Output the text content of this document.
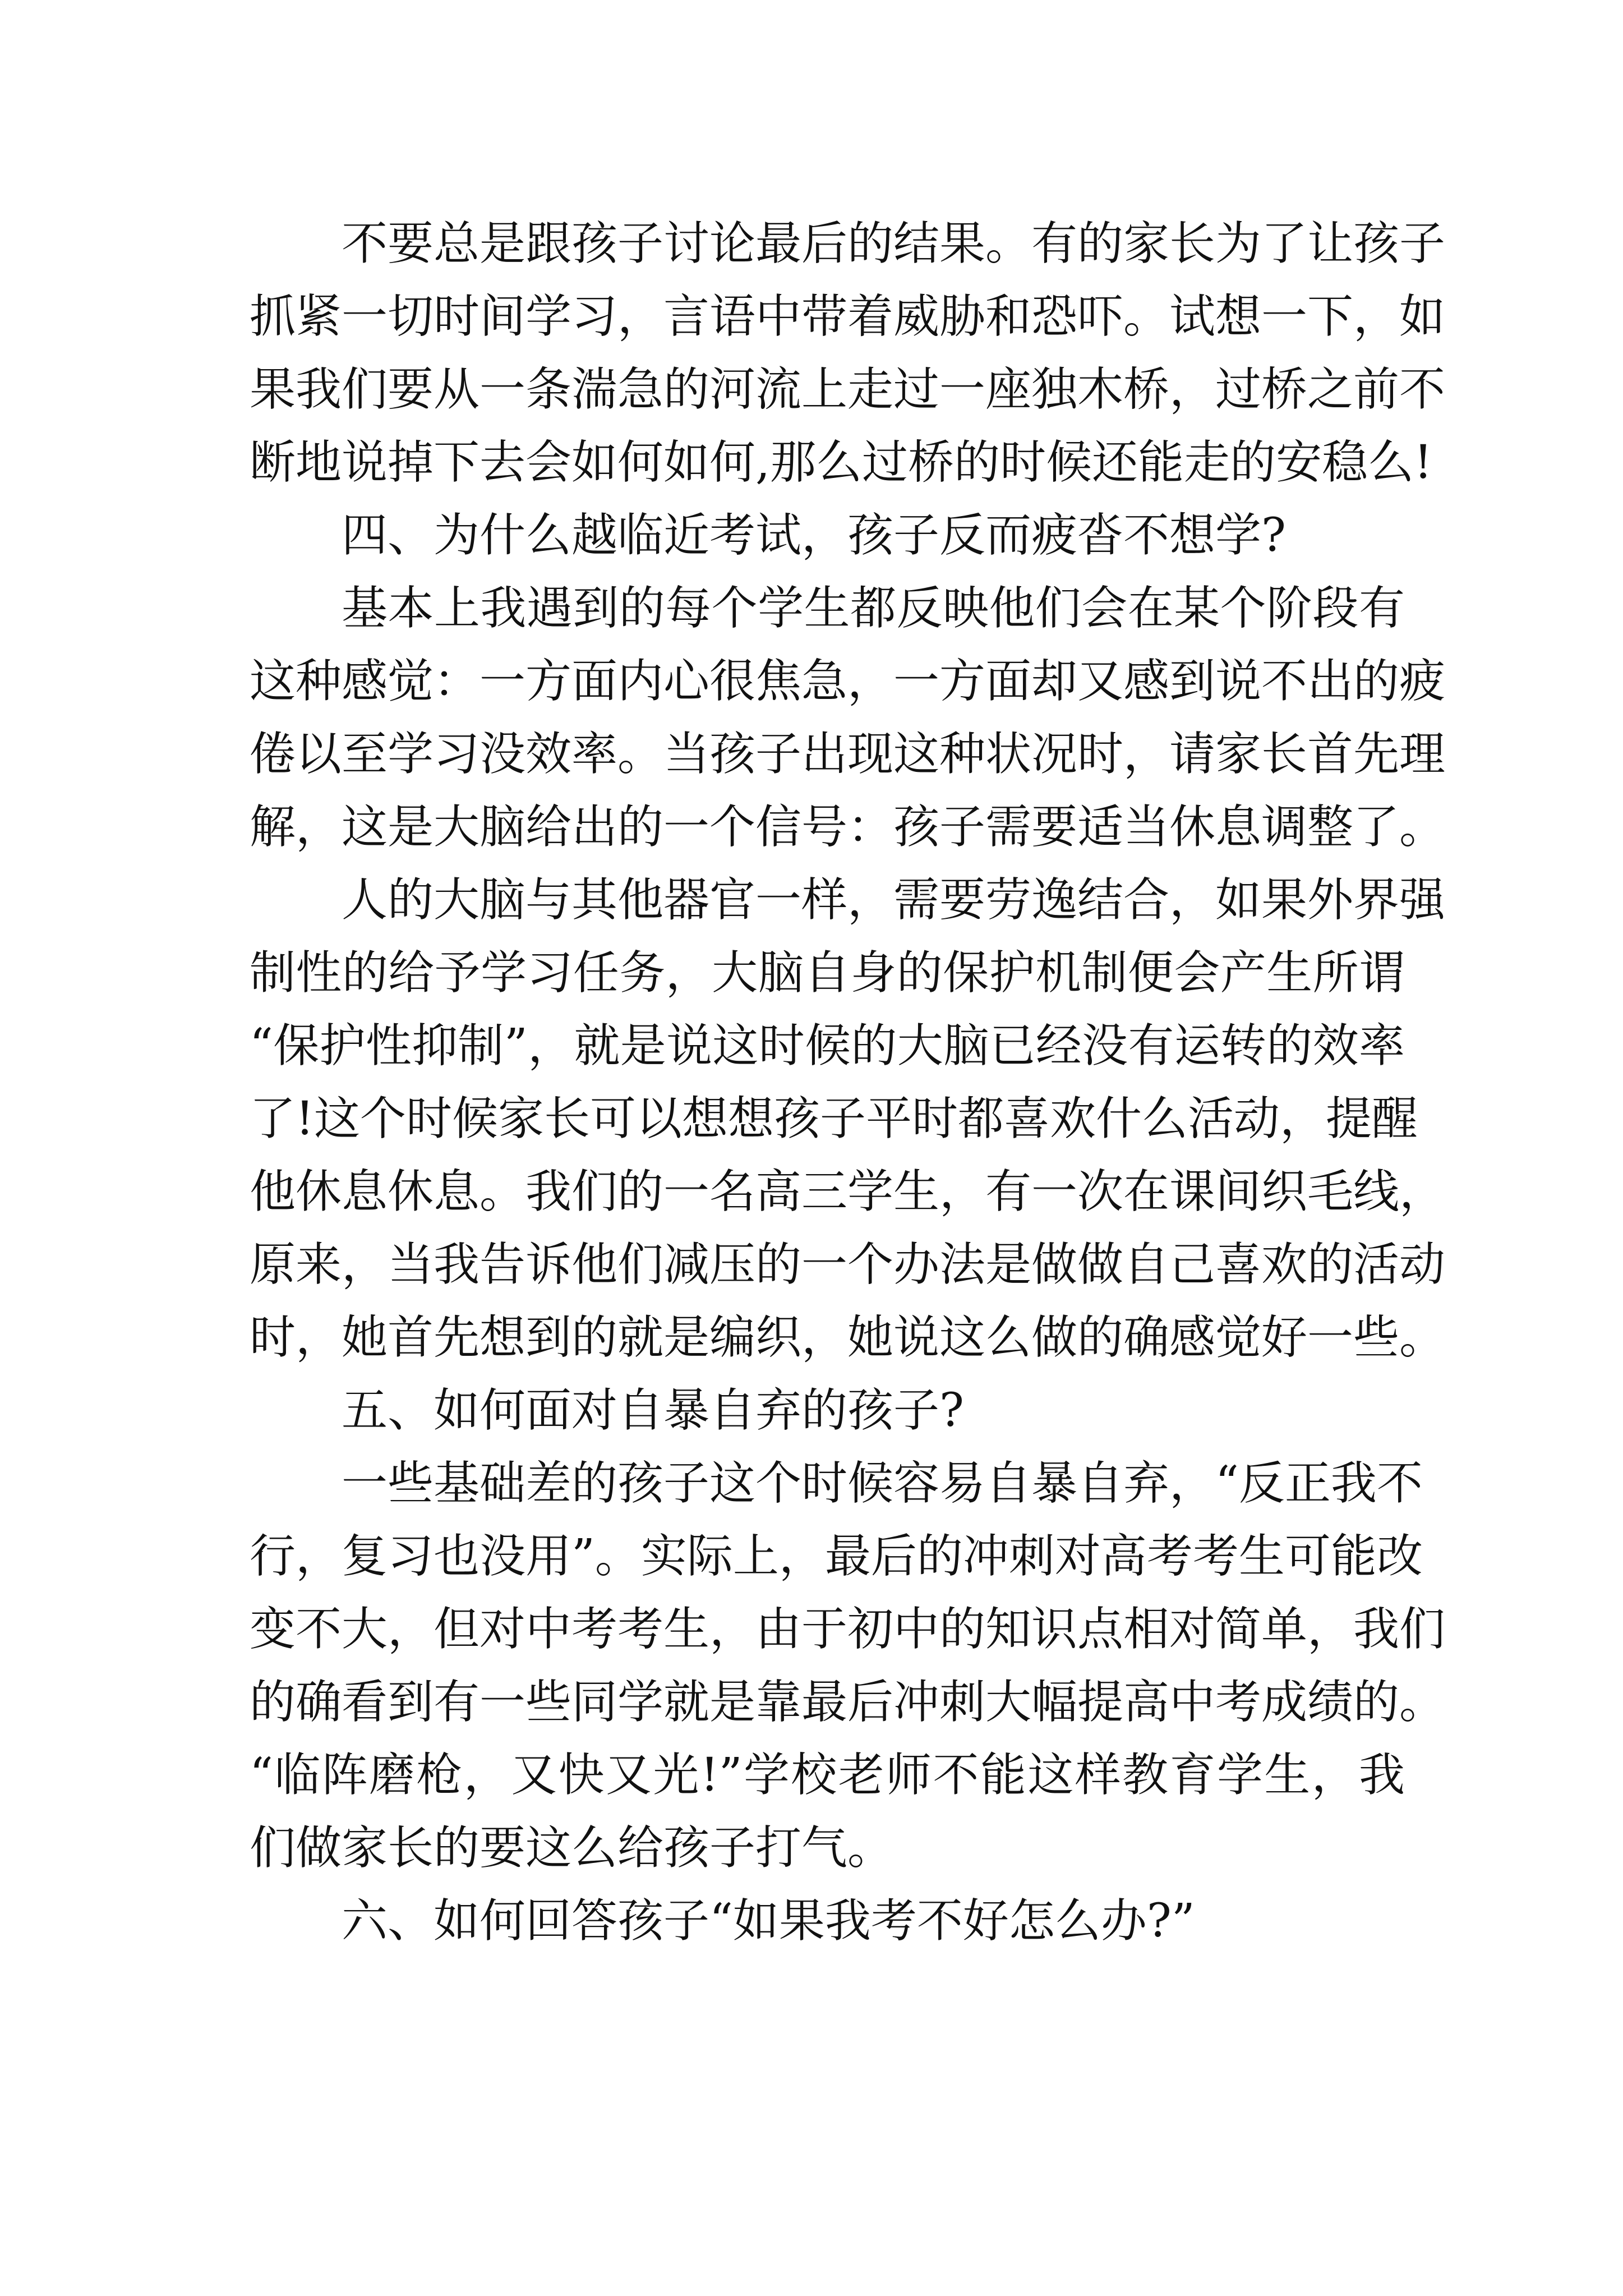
不要总是跟孩子讨论最后的结果。有的家长为了让孩子
抓紧一切时间学习，言语中带着威胁和恐吓。试想一下，如
果我们要从一条湍急的河流上走过一座独木桥，过桥之前不
断地说掉下去会如何如何,那么过桥的时候还能走的安稳么!
四、为什么越临近考试，孩子反而疲沓不想学?
基本上我遇到的每个学生都反映他们会在某个阶段有
这种感觉：一方面内心很焦急，一方面却又感到说不出的疲
倦以至学习没效率。当孩子出现这种状况时，请家长首先理
解，这是大脑给出的一个信号：孩子需要适当休息调整了。
人的大脑与其他器官一样，需要劳逸结合，如果外界强
制性的给予学习任务，大脑自身的保护机制便会产生所谓
“保护性抑制”，就是说这时候的大脑已经没有运转的效率
了!这个时候家长可以想想孩子平时都喜欢什么活动，提醒
他休息休息。我们的一名高三学生，有一次在课间织毛线，
原来，当我告诉他们减压的一个办法是做做自己喜欢的活动
时，她首先想到的就是编织，她说这么做的确感觉好一些。
五、如何面对自暴自弃的孩子?
一些基础差的孩子这个时候容易自暴自弃，“反正我不
行，复习也没用”。实际上，最后的冲刺对高考考生可能改
变不大，但对中考考生，由于初中的知识点相对简单，我们
的确看到有一些同学就是靠最后冲刺大幅提高中考成绩的。
“临阵磨枪，又快又光!”学校老师不能这样教育学生，我
们做家长的要这么给孩子打气。
六、如何回答孩子“如果我考不好怎么办?”
